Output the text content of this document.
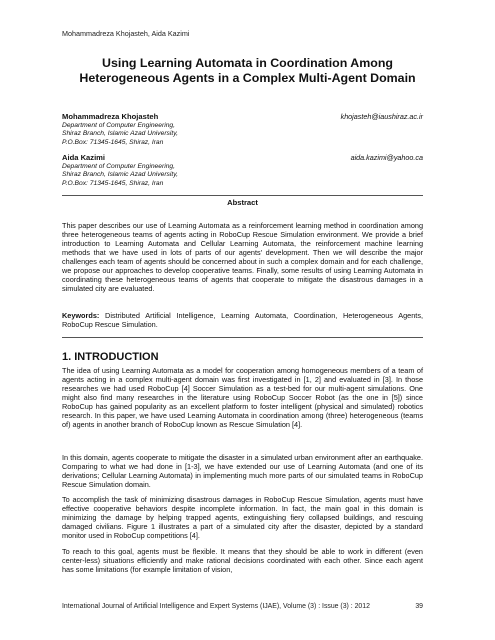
Mohammadreza Khojasteh, Aida Kazimi
Using Learning Automata in Coordination Among
Heterogeneous Agents in a Complex Multi-Agent Domain
Mohammadreza Khojasteh	khojasteh@iaushiraz.ac.ir
Department of Computer Engineering,
Shiraz Branch, Islamic Azad University,
P.O.Box: 71345-1645, Shiraz, Iran
Aida Kazimi	aida.kazimi@yahoo.ca
Department of Computer Engineering,
Shiraz Branch, Islamic Azad University,
P.O.Box: 71345-1645, Shiraz, Iran
Abstract

This paper describes our use of Learning Automata as a reinforcement learning method in coordination among three heterogeneous teams of agents acting in RoboCup Rescue Simulation environment. We provide a brief introduction to Learning Automata and Cellular Learning Automata, the reinforcement machine learning methods that we have used in lots of parts of our agents' development. Then we will describe the major challenges each team of agents should be concerned about in such a complex domain and for each challenge, we propose our approaches to develop cooperative teams. Finally, some results of using Learning Automata in coordinating these heterogeneous teams of agents that cooperate to mitigate the disastrous damages in a simulated city are evaluated.

Keywords: Distributed Artificial Intelligence, Learning Automata, Coordination, Heterogeneous Agents, RoboCup Rescue Simulation.

1. INTRODUCTION

The idea of using Learning Automata as a model for cooperation among homogeneous members of a team of agents acting in a complex multi-agent domain was first investigated in [1, 2] and evaluated in [3]. In those researches we had used RoboCup [4] Soccer Simulation as a test-bed for our multi-agent simulations. One might also find many researches in the literature using RoboCup Soccer Robot (as the one in [5]) since RoboCup has gained popularity as an excellent platform to foster intelligent (physical and simulated) robotics research. In this paper, we have used Learning Automata in coordination among (three) heterogeneous (teams of) agents in another branch of RoboCup known as Rescue Simulation [4].

In this domain, agents cooperate to mitigate the disaster in a simulated urban environment after an earthquake. Comparing to what we had done in [1-3], we have extended our use of Learning Automata (and one of its derivations; Cellular Learning Automata) in implementing much more parts of our simulated teams in RoboCup Rescue Simulation domain.

To accomplish the task of minimizing disastrous damages in RoboCup Rescue Simulation, agents must have effective cooperative behaviors despite incomplete information. In fact, the main goal in this domain is minimizing the damage by helping trapped agents, extinguishing fiery collapsed buildings, and rescuing damaged civilians. Figure 1 illustrates a part of a simulated city after the disaster, depicted by a standard monitor used in RoboCup competitions [4].

To reach to this goal, agents must be flexible. It means that they should be able to work in different (even center-less) situations efficiently and make rational decisions coordinated with each other. Since each agent has some limitations (for example limitation of vision,

International Journal of Artificial Intelligence and Expert Systems (IJAE), Volume (3) : Issue (3) : 2012	39
